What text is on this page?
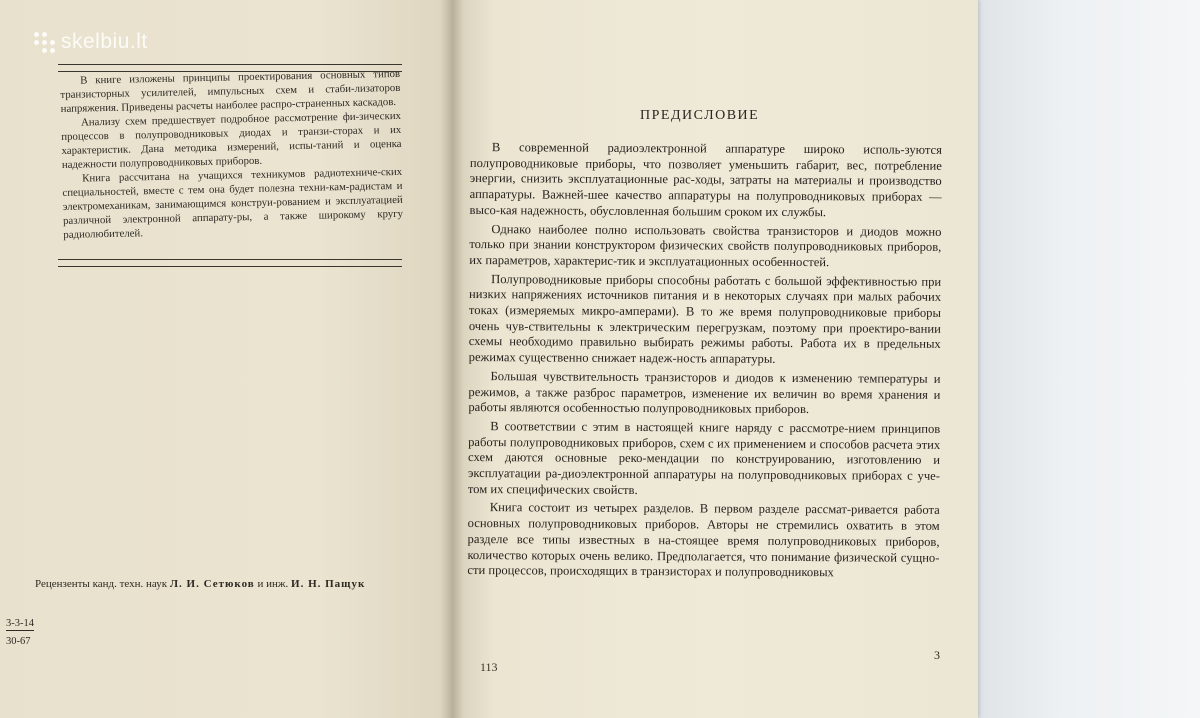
В книге изложены принципы проектирования основных типов транзисторных усилителей, импульсных схем и стаби-лизаторов напряжения. Приведены расчеты наиболее распро-страненных каскадов.

Анализу схем предшествует подробное рассмотрение фи-зических процессов в полупроводниковых диодах и транзи-сторах и их характеристик. Дана методика измерений, испы-таний и оценка надежности полупроводниковых приборов.

Книга рассчитана на учащихся техникумов радиотехниче-ских специальностей, вместе с тем она будет полезна техни-кам-радистам и электромеханикам, занимающимся конструи-рованием и эксплуатацией различной электронной аппарату-ры, а также широкому кругу радиолюбителей.

Рецензенты канд. техн. наук Л. И. Сетюков и инж. И. Н. Пащук
3-3-14
30-67
skelbiu.lt
ПРЕДИСЛОВИЕ

В современной радиоэлектронной аппаратуре широко исполь-зуются полупроводниковые приборы, что позволяет уменьшить габарит, вес, потребление энергии, снизить эксплуатационные рас-ходы, затраты на материалы и производство аппаратуры. Важней-шее качество аппаратуры на полупроводниковых приборах — высо-кая надежность, обусловленная большим сроком их службы.

Однако наиболее полно использовать свойства транзисторов и диодов можно только при знании конструктором физических свойств полупроводниковых приборов, их параметров, характерис-тик и эксплуатационных особенностей.

Полупроводниковые приборы способны работать с большой эффективностью при низких напряжениях источников питания и в некоторых случаях при малых рабочих токах (измеряемых микро-амперами). В то же время полупроводниковые приборы очень чув-ствительны к электрическим перегрузкам, поэтому при проектиро-вании схемы необходимо правильно выбирать режимы работы. Работа их в предельных режимах существенно снижает надеж-ность аппаратуры.

Большая чувствительность транзисторов и диодов к изменению температуры и режимов, а также разброс параметров, изменение их величин во время хранения и работы являются особенностью полупроводниковых приборов.

В соответствии с этим в настоящей книге наряду с рассмотре-нием принципов работы полупроводниковых приборов, схем с их применением и способов расчета этих схем даются основные реко-мендации по конструированию, изготовлению и эксплуатации ра-диоэлектронной аппаратуры на полупроводниковых приборах с уче-том их специфических свойств.

Книга состоит из четырех разделов. В первом разделе рассмат-ривается работа основных полупроводниковых приборов. Авторы не стремились охватить в этом разделе все типы известных в на-стоящее время полупроводниковых приборов, количество которых очень велико. Предполагается, что понимание физической сущно-сти процессов, происходящих в транзисторах и полупроводниковых

113
3
